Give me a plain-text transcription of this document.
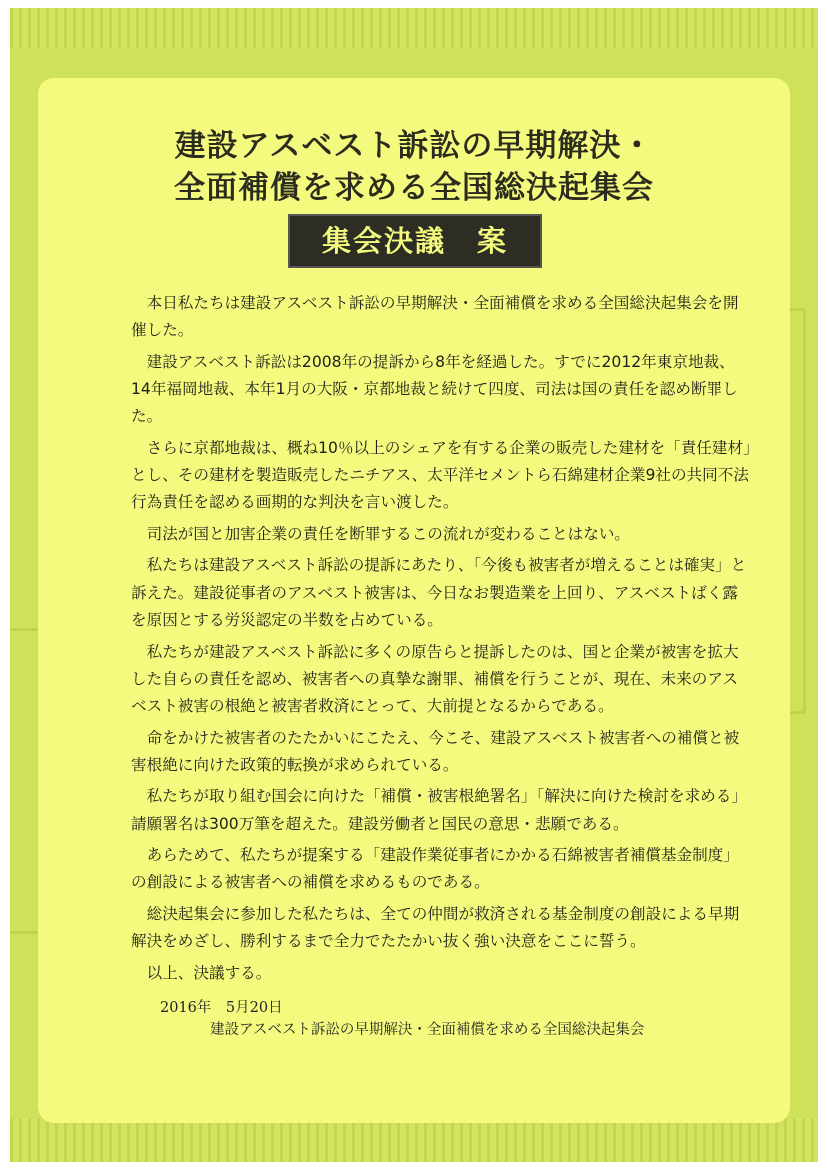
建設アスベスト訴訟の早期解決・
全面補償を求める全国総決起集会
集会決議　案

本日私たちは建設アスベスト訴訟の早期解決・全面補償を求める全国総決起集会を開催した。

建設アスベスト訴訟は2008年の提訴から8年を経過した。すでに2012年東京地裁、14年福岡地裁、本年1月の大阪・京都地裁と続けて四度、司法は国の責任を認め断罪した。

さらに京都地裁は、概ね10％以上のシェアを有する企業の販売した建材を「責任建材」とし、その建材を製造販売したニチアス、太平洋セメントら石綿建材企業9社の共同不法行為責任を認める画期的な判決を言い渡した。

司法が国と加害企業の責任を断罪するこの流れが変わることはない。

私たちは建設アスベスト訴訟の提訴にあたり、「今後も被害者が増えることは確実」と訴えた。建設従事者のアスベスト被害は、今日なお製造業を上回り、アスベストばく露を原因とする労災認定の半数を占めている。

私たちが建設アスベスト訴訟に多くの原告らと提訴したのは、国と企業が被害を拡大した自らの責任を認め、被害者への真摯な謝罪、補償を行うことが、現在、未来のアスベスト被害の根絶と被害者救済にとって、大前提となるからである。

命をかけた被害者のたたかいにこたえ、今こそ、建設アスベスト被害者への補償と被害根絶に向けた政策的転換が求められている。

私たちが取り組む国会に向けた「補償・被害根絶署名」「解決に向けた検討を求める」請願署名は300万筆を超えた。建設労働者と国民の意思・悲願である。

あらためて、私たちが提案する「建設作業従事者にかかる石綿被害者補償基金制度」の創設による被害者への補償を求めるものである。

総決起集会に参加した私たちは、全ての仲間が救済される基金制度の創設による早期解決をめざし、勝利するまで全力でたたかい抜く強い決意をここに誓う。

以上、決議する。

2016年　5月20日
建設アスベスト訴訟の早期解決・全面補償を求める全国総決起集会
